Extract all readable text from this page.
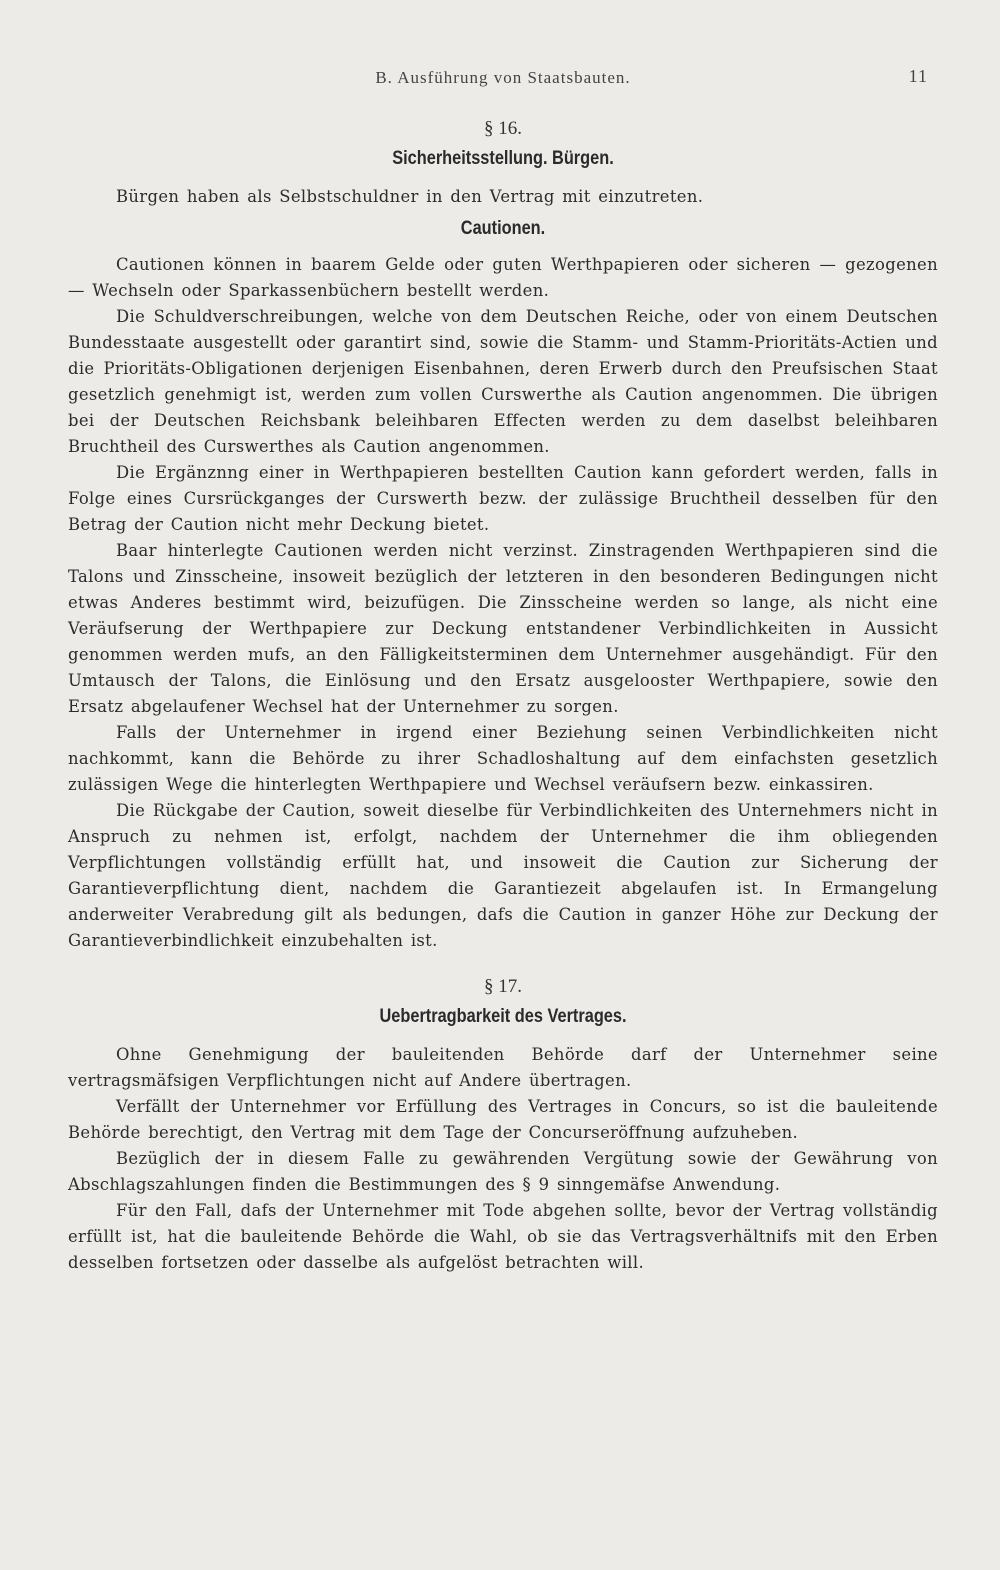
B. Ausführung von Staatsbauten.	11
§ 16.
Sicherheitsstellung. Bürgen.

Bürgen haben als Selbstschuldner in den Vertrag mit einzutreten.

Cautionen.

Cautionen können in baarem Gelde oder guten Werthpapieren oder sicheren — gezogenen — Wechseln oder Sparkassenbüchern bestellt werden.

Die Schuldverschreibungen, welche von dem Deutschen Reiche, oder von einem Deutschen Bundesstaate ausgestellt oder garantirt sind, sowie die Stamm- und Stamm-Prioritäts-Actien und die Prioritäts-Obligationen derjenigen Eisenbahnen, deren Erwerb durch den Preufsischen Staat gesetzlich genehmigt ist, werden zum vollen Curswerthe als Caution angenommen. Die übrigen bei der Deutschen Reichsbank beleihbaren Effecten werden zu dem daselbst beleihbaren Bruchtheil des Curswerthes als Caution angenommen.

Die Ergänznng einer in Werthpapieren bestellten Caution kann gefordert werden, falls in Folge eines Cursrückganges der Curswerth bezw. der zulässige Bruchtheil desselben für den Betrag der Caution nicht mehr Deckung bietet.

Baar hinterlegte Cautionen werden nicht verzinst. Zinstragenden Werthpapieren sind die Talons und Zinsscheine, insoweit bezüglich der letzteren in den besonderen Bedingungen nicht etwas Anderes bestimmt wird, beizufügen. Die Zinsscheine werden so lange, als nicht eine Veräufserung der Werthpapiere zur Deckung entstandener Verbindlichkeiten in Aussicht genommen werden mufs, an den Fälligkeitsterminen dem Unternehmer ausgehändigt. Für den Umtausch der Talons, die Einlösung und den Ersatz ausgelooster Werthpapiere, sowie den Ersatz abgelaufener Wechsel hat der Unternehmer zu sorgen.

Falls der Unternehmer in irgend einer Beziehung seinen Verbindlichkeiten nicht nachkommt, kann die Behörde zu ihrer Schadloshaltung auf dem einfachsten gesetzlich zulässigen Wege die hinterlegten Werthpapiere und Wechsel veräufsern bezw. einkassiren.

Die Rückgabe der Caution, soweit dieselbe für Verbindlichkeiten des Unternehmers nicht in Anspruch zu nehmen ist, erfolgt, nachdem der Unternehmer die ihm obliegenden Verpflichtungen vollständig erfüllt hat, und insoweit die Caution zur Sicherung der Garantieverpflichtung dient, nachdem die Garantiezeit abgelaufen ist. In Ermangelung anderweiter Verabredung gilt als bedungen, dafs die Caution in ganzer Höhe zur Deckung der Garantieverbindlichkeit einzubehalten ist.

§ 17.
Uebertragbarkeit des Vertrages.

Ohne Genehmigung der bauleitenden Behörde darf der Unternehmer seine vertragsmäfsigen Verpflichtungen nicht auf Andere übertragen.

Verfällt der Unternehmer vor Erfüllung des Vertrages in Concurs, so ist die bauleitende Behörde berechtigt, den Vertrag mit dem Tage der Concurseröffnung aufzuheben.

Bezüglich der in diesem Falle zu gewährenden Vergütung sowie der Gewährung von Abschlagszahlungen finden die Bestimmungen des § 9 sinngemäfse Anwendung.

Für den Fall, dafs der Unternehmer mit Tode abgehen sollte, bevor der Vertrag vollständig erfüllt ist, hat die bauleitende Behörde die Wahl, ob sie das Vertragsverhältnifs mit den Erben desselben fortsetzen oder dasselbe als aufgelöst betrachten will.
